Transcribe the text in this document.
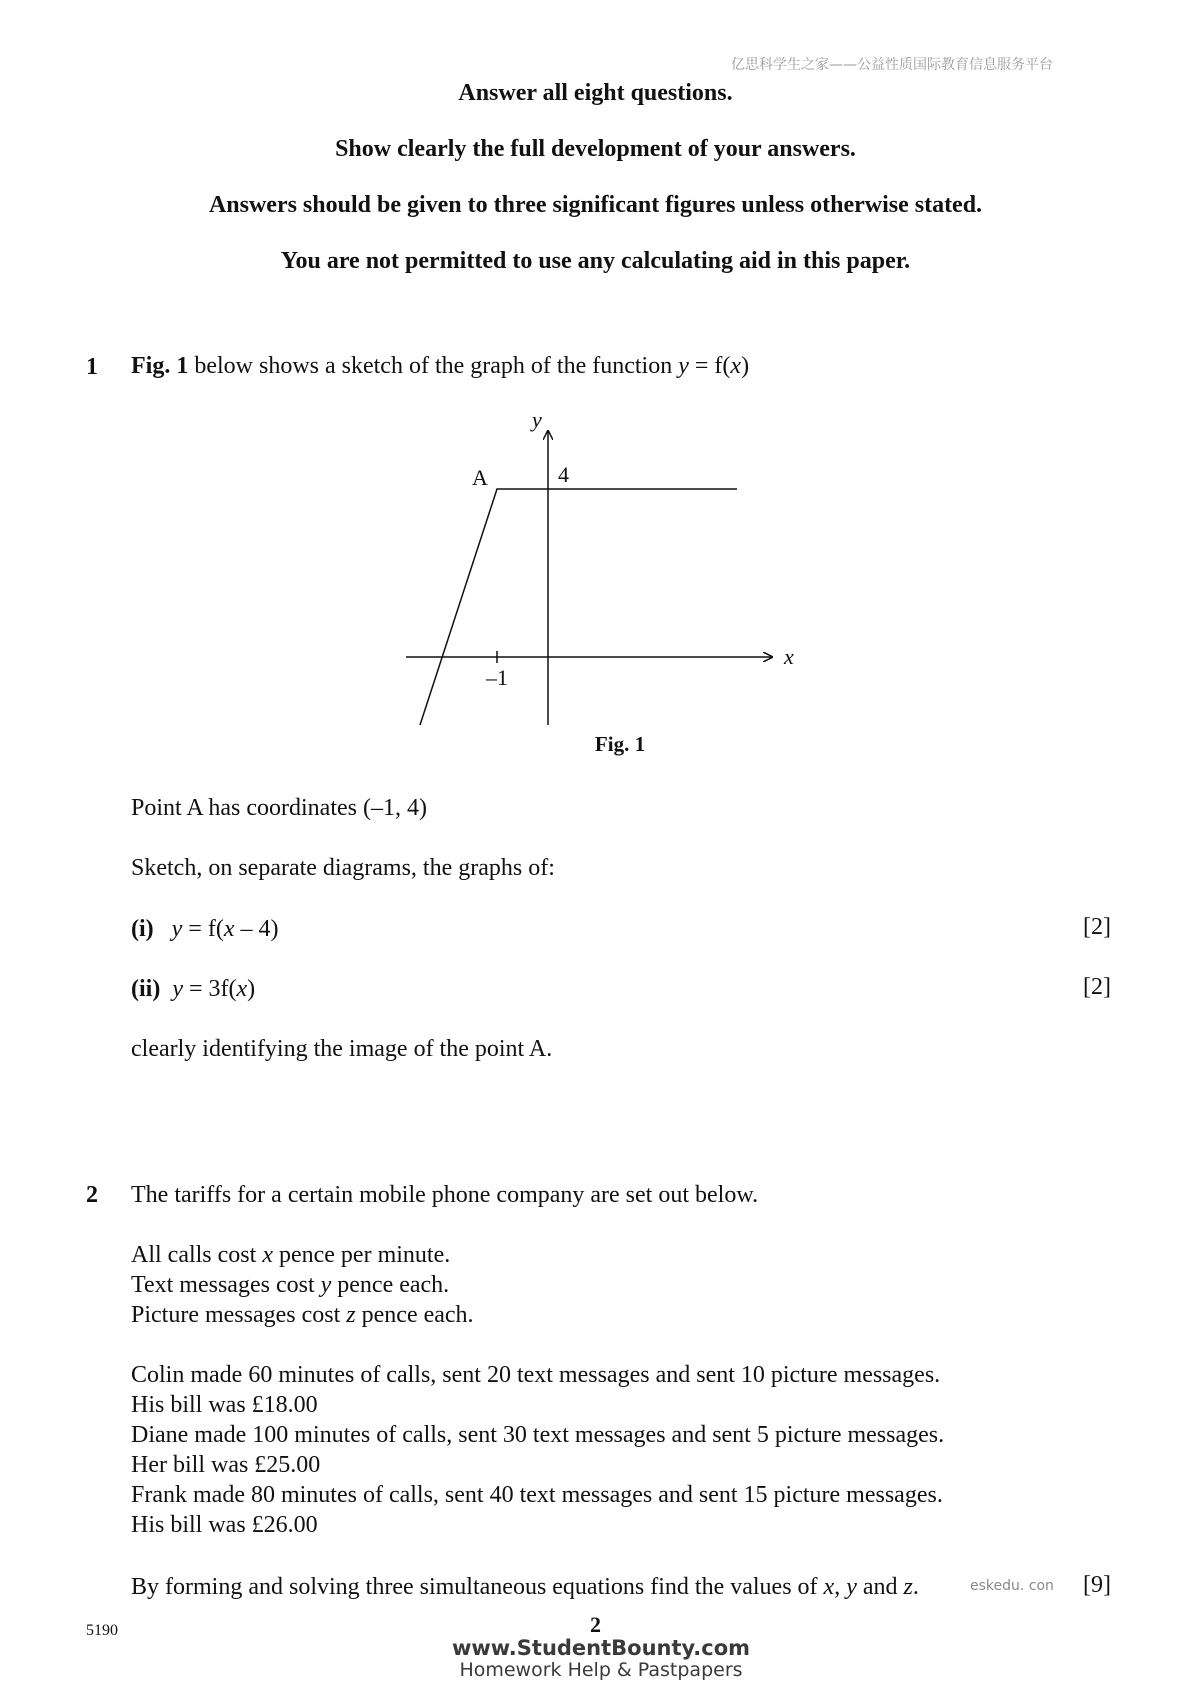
亿思科学生之家——公益性质国际教育信息服务平台
Answer all eight questions.
Show clearly the full development of your answers.
Answers should be given to three significant figures unless otherwise stated.
You are not permitted to use any calculating aid in this paper.
1 Fig. 1 below shows a sketch of the graph of the function y = f(x)
y
x
A	4
–1
Fig. 1
Point A has coordinates (–1, 4)
Sketch, on separate diagrams, the graphs of:
(i) y = f(x – 4)	[2]
(ii) y = 3f(x)	[2]
clearly identifying the image of the point A.
2 The tariffs for a certain mobile phone company are set out below.
All calls cost x pence per minute.
Text messages cost y pence each.
Picture messages cost z pence each.
Colin made 60 minutes of calls, sent 20 text messages and sent 10 picture messages.
His bill was £18.00
Diane made 100 minutes of calls, sent 30 text messages and sent 5 picture messages.
Her bill was £25.00
Frank made 80 minutes of calls, sent 40 text messages and sent 15 picture messages.
His bill was £26.00
By forming and solving three simultaneous equations find the values of x, y and z.	[9]
eskedu. con
5190	2
www.StudentBounty.com
Homework Help & Pastpapers
